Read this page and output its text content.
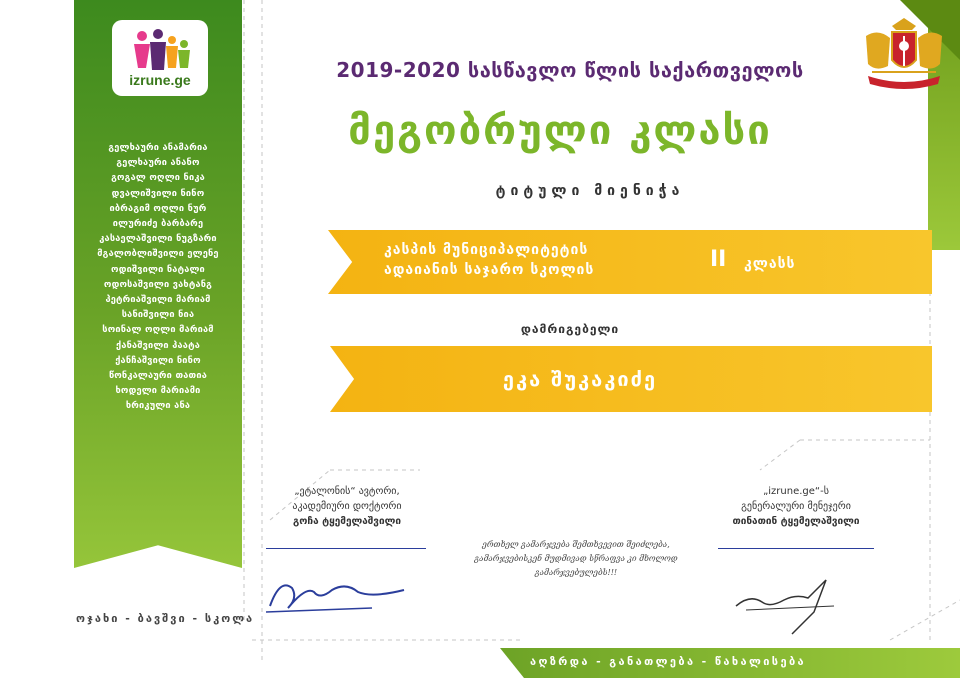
izrune.ge
გელხაური ანამარია
გელხაური ანანო
გოგალ ოღლი ნიკა
დვალიშვილი ნინო
იბრაგიმ ოღლი ნურ
ილურიძე ბარბარე
კასაელაშვილი ნუგზარი
მგალობლიშვილი ელენე
ოდიშვილი ნატალი
ოდოსაშვილი ვახტანგ
პეტრიაშვილი მარიამ
სანიშვილი ნია
სოინალ ოღლი მარიამ
ქანაშვილი პაატა
ქანჩაშვილი ნინო
წონკალაური თათია
ხოდელი მარიამი
ხრიკული ანა
ოჯახი - ბავშვი - სკოლა
2019-2020 სასწავლო წლის საქართველოს
მეგობრული კლასი
ტიტული მიენიჭა
კასპის მუნიციპალიტეტის
ადაიანის საჯარო სკოლის	II კლასს
დამრიგებელი
ეკა შუკაკიძე
„ეტალონის“ ავტორი,
აკადემიური დოქტორი
გოჩა ტყემელაშვილი
„izrune.ge“-ს
გენერალური მენეჯერი
თინათინ ტყემელაშვილი
ერთხელ გამარჯვება შემთხვევით შეიძლება,
გამარჯვებისკენ მუდმივად სწრაფვა კი მხოლოდ გამარჯვებულებს!!!
აღზრდა - განათლება - წახალისება
